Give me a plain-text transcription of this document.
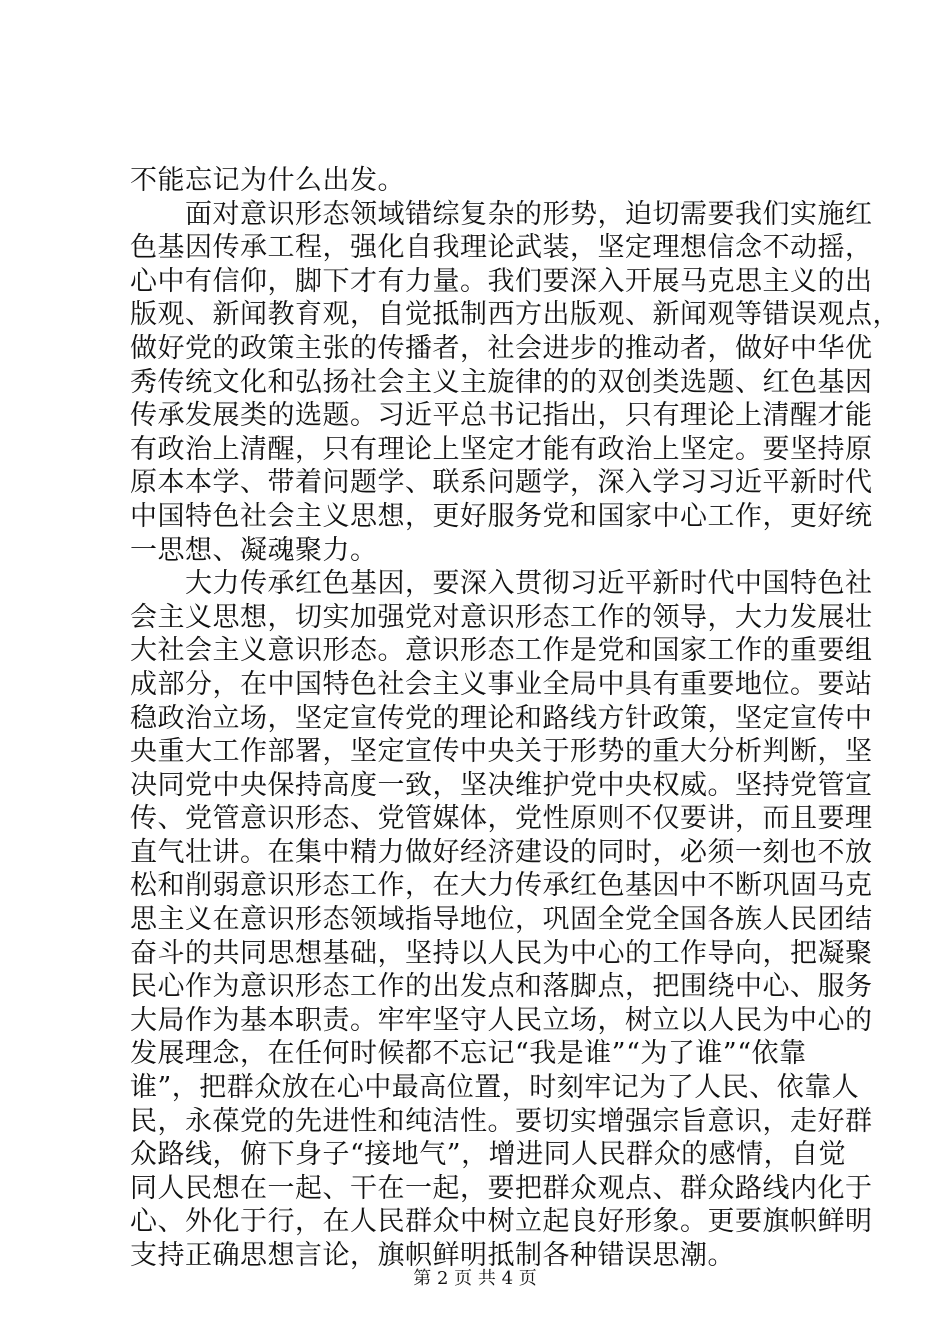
不能忘记为什么出发。
　　面对意识形态领域错综复杂的形势，迫切需要我们实施红
色基因传承工程，强化自我理论武装，坚定理想信念不动摇，
心中有信仰，脚下才有力量。我们要深入开展马克思主义的出
版观、新闻教育观，自觉抵制西方出版观、新闻观等错误观点，
做好党的政策主张的传播者，社会进步的推动者，做好中华优
秀传统文化和弘扬社会主义主旋律的的双创类选题、红色基因
传承发展类的选题。习近平总书记指出，只有理论上清醒才能
有政治上清醒，只有理论上坚定才能有政治上坚定。要坚持原
原本本学、带着问题学、联系问题学，深入学习习近平新时代
中国特色社会主义思想，更好服务党和国家中心工作，更好统
一思想、凝魂聚力。
　　大力传承红色基因，要深入贯彻习近平新时代中国特色社
会主义思想，切实加强党对意识形态工作的领导，大力发展壮
大社会主义意识形态。意识形态工作是党和国家工作的重要组
成部分，在中国特色社会主义事业全局中具有重要地位。要站
稳政治立场，坚定宣传党的理论和路线方针政策，坚定宣传中
央重大工作部署，坚定宣传中央关于形势的重大分析判断，坚
决同党中央保持高度一致，坚决维护党中央权威。坚持党管宣
传、党管意识形态、党管媒体，党性原则不仅要讲，而且要理
直气壮讲。在集中精力做好经济建设的同时，必须一刻也不放
松和削弱意识形态工作，在大力传承红色基因中不断巩固马克
思主义在意识形态领域指导地位，巩固全党全国各族人民团结
奋斗的共同思想基础，坚持以人民为中心的工作导向，把凝聚
民心作为意识形态工作的出发点和落脚点，把围绕中心、服务
大局作为基本职责。牢牢坚守人民立场，树立以人民为中心的
发展理念，在任何时候都不忘记“我是谁”“为了谁”“依靠
谁”，把群众放在心中最高位置，时刻牢记为了人民、依靠人
民，永葆党的先进性和纯洁性。要切实增强宗旨意识，走好群
众路线，俯下身子“接地气”，增进同人民群众的感情，自觉
同人民想在一起、干在一起，要把群众观点、群众路线内化于
心、外化于行，在人民群众中树立起良好形象。更要旗帜鲜明
支持正确思想言论，旗帜鲜明抵制各种错误思潮。
第 2 页 共 4 页
